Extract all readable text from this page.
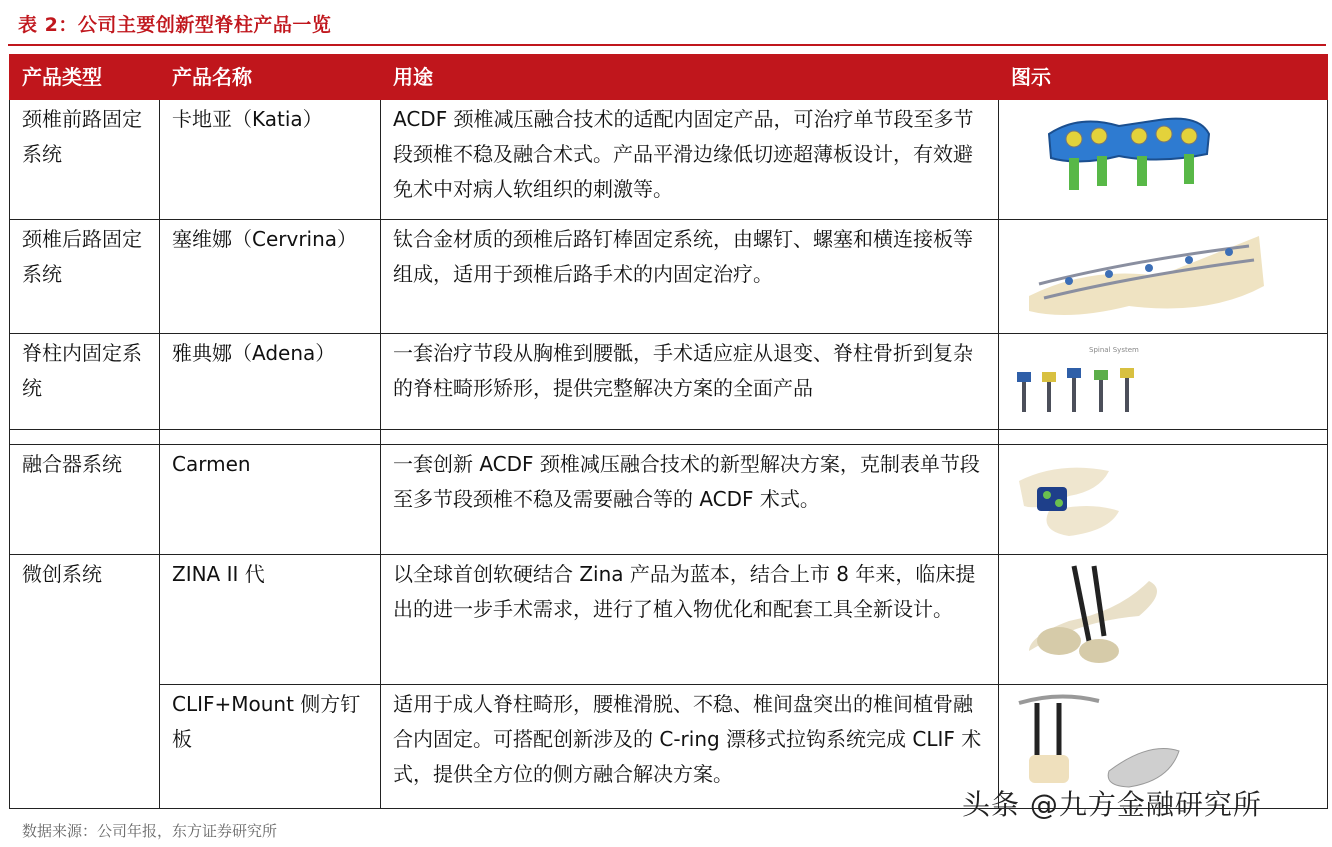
表 2：公司主要创新型脊柱产品一览
产品类型	产品名称	用途	图示
颈椎前路固定系统	卡地亚（Katia）	ACDF 颈椎减压融合技术的适配内固定产品，可治疗单节段至多节段颈椎不稳及融合术式。产品平滑边缘低切迹超薄板设计，有效避免术中对病人软组织的刺激等。	

颈椎后路固定系统	塞维娜（Cervrina）	钛合金材质的颈椎后路钉棒固定系统，由螺钉、螺塞和横连接板等组成，适用于颈椎后路手术的内固定治疗。	

脊柱内固定系统	雅典娜（Adena）	一套治疗节段从胸椎到腰骶，手术适应症从退变、脊柱骨折到复杂的脊柱畸形矫形，提供完整解决方案的全面产品	Spinal System

融合器系统	Carmen	一套创新 ACDF 颈椎减压融合技术的新型解决方案，克制表单节段至多节段颈椎不稳及需要融合等的 ACDF 术式。	

微创系统	ZINA II 代	以全球首创软硬结合 Zina 产品为蓝本，结合上市 8 年来，临床提出的进一步手术需求，进行了植入物优化和配套工具全新设计。	

	CLIF+Mount 侧方钉板	适用于成人脊柱畸形，腰椎滑脱、不稳、椎间盘突出的椎间植骨融合内固定。可搭配创新涉及的 C-ring 漂移式拉钩系统完成 CLIF 术式，提供全方位的侧方融合解决方案。	
头条 @九方金融研究所
数据来源：公司年报，东方证券研究所
